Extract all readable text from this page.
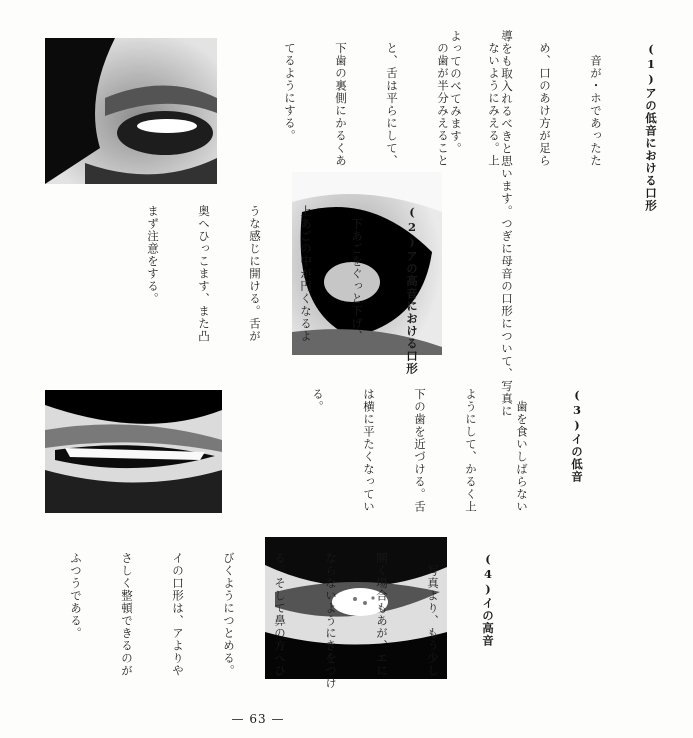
導をも取入れるべきと思います。つぎに母音の口形について、写真に

よってのべてみます。

	(1)アの低音における口形

　音が・ホであったた

め、口のあけ方が足ら

ないようにみえる。上

の歯が半分みえること

と、舌は平らにして、

下歯の裏側にかるくあ

てるようにする。

(2)アの高音における口形

　下あごをぐっと下げ、

上あごの中が円くなるよ

うな感じに開ける。舌が

奥へひっこます、また凸

まず注意をする。

(3)イの低音

　歯を食いしばらない

ようにして、かるく上

下の歯を近づける。舌

は横に平たくなってい

る。

(4)イの高音

　写真より、もう少し

開く場合もあが、エに

ならないようにきをつけ

る。そして鼻の方へひ

びくようにつとめる。

イの口形は、アよりや

さしく整頓できるのが

ふつうである。

— 63 —
